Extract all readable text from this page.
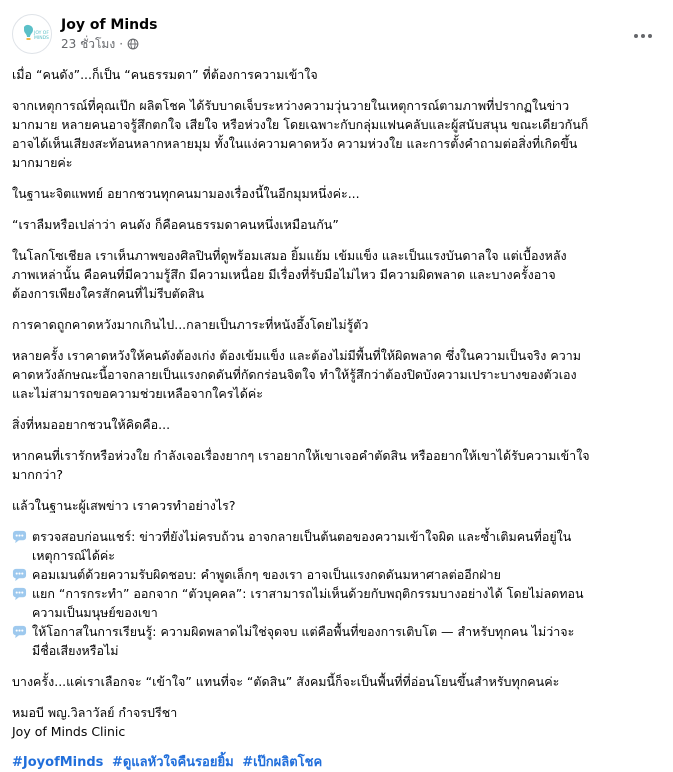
JOY OF
MINDS
Joy of Minds
23 ชั่วโมง ·
เมื่อ “คนดัง”...ก็เป็น “คนธรรมดา” ที่ต้องการความเข้าใจ
จากเหตุการณ์ที่คุณเป๊ก ผลิตโชค ได้รับบาดเจ็บระหว่างความวุ่นวายในเหตุการณ์ตามภาพที่ปรากฏในข่าว
มากมาย หลายคนอาจรู้สึกตกใจ เสียใจ หรือห่วงใย โดยเฉพาะกับกลุ่มแฟนคลับและผู้สนับสนุน ขณะเดียวกันก็
อาจได้เห็นเสียงสะท้อนหลากหลายมุม ทั้งในแง่ความคาดหวัง ความห่วงใย และการตั้งคำถามต่อสิ่งที่เกิดขึ้น
มากมายค่ะ
ในฐานะจิตแพทย์ อยากชวนทุกคนมามองเรื่องนี้ในอีกมุมหนึ่งค่ะ...
“เราลืมหรือเปล่าว่า คนดัง ก็คือคนธรรมดาคนหนึ่งเหมือนกัน”
ในโลกโซเชียล เราเห็นภาพของศิลปินที่ดูพร้อมเสมอ ยิ้มแย้ม เข้มแข็ง และเป็นแรงบันดาลใจ แต่เบื้องหลัง
ภาพเหล่านั้น คือคนที่มีความรู้สึก มีความเหนื่อย มีเรื่องที่รับมือไม่ไหว มีความผิดพลาด และบางครั้งอาจ
ต้องการเพียงใครสักคนที่ไม่รีบตัดสิน
การคาดถูกคาดหวังมากเกินไป...กลายเป็นภาระที่หนังอึ้งโดยไม่รู้ตัว
หลายครั้ง เราคาดหวังให้คนดังต้องเก่ง ต้องเข้มแข็ง และต้องไม่มีพื้นที่ให้ผิดพลาด ซึ่งในความเป็นจริง ความ
คาดหวังลักษณะนี้อาจกลายเป็นแรงกดดันที่กัดกร่อนจิตใจ ทำให้รู้สึกว่าต้องปิดบังความเปราะบางของตัวเอง
และไม่สามารถขอความช่วยเหลือจากใครได้ค่ะ
สิ่งที่หมออยากชวนให้คิดคือ...
หากคนที่เรารักหรือห่วงใย กำลังเจอเรื่องยากๆ เราอยากให้เขาเจอคำตัดสิน หรืออยากให้เขาได้รับความเข้าใจ
มากกว่า?
แล้วในฐานะผู้เสพข่าว เราควรทำอย่างไร?
ตรวจสอบก่อนแชร์: ข่าวที่ยังไม่ครบถ้วน อาจกลายเป็นต้นตอของความเข้าใจผิด และซ้ำเติมคนที่อยู่ใน
เหตุการณ์ได้ค่ะ
คอมเมนต์ด้วยความรับผิดชอบ: คำพูดเล็กๆ ของเรา อาจเป็นแรงกดดันมหาศาลต่ออีกฝ่าย
แยก “การกระทำ” ออกจาก “ตัวบุคคล”: เราสามารถไม่เห็นด้วยกับพฤติกรรมบางอย่างได้ โดยไม่ลดทอน
ความเป็นมนุษย์ของเขา
ให้โอกาสในการเรียนรู้: ความผิดพลาดไม่ใช่จุดจบ แต่คือพื้นที่ของการเติบโต — สำหรับทุกคน ไม่ว่าจะ
มีชื่อเสียงหรือไม่
บางครั้ง...แค่เราเลือกจะ “เข้าใจ” แทนที่จะ “ตัดสิน” สังคมนี้ก็จะเป็นพื้นที่ที่อ่อนโยนขึ้นสำหรับทุกคนค่ะ
หมอบี พญ.วิลาวัลย์ กำจรปรีชา
Joy of Minds Clinic
#JoyofMinds #ดูแลหัวใจคืนรอยยิ้ม #เป๊กผลิตโชค
